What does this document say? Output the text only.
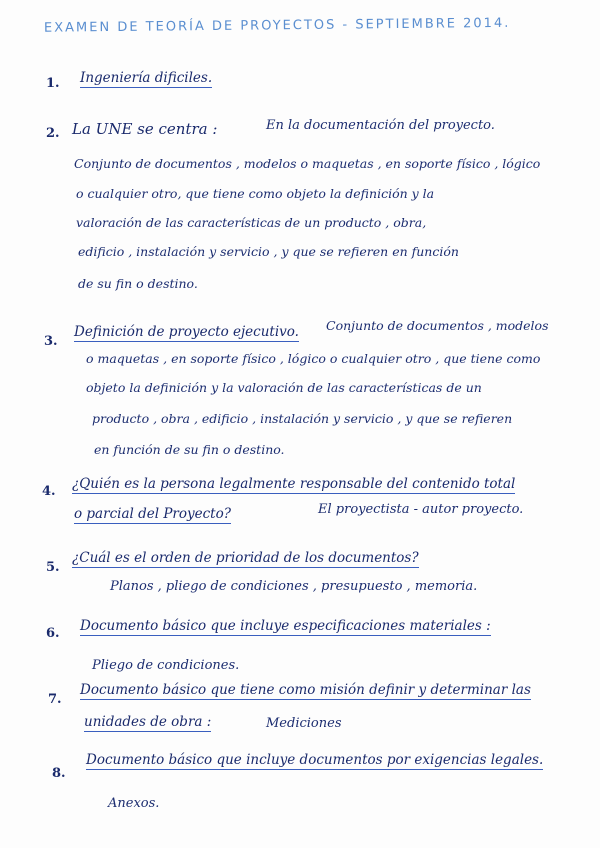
EXAMEN DE TEORÍA DE PROYECTOS - SEPTIEMBRE 2014.
1. Ingeniería dificiles.
2. La UNE se centra :	En la documentación del proyecto.
Conjunto de documentos , modelos o maquetas , en soporte físico , lógico
o cualquier otro, que tiene como objeto la definición y la
valoración de las características de un producto , obra,
edificio , instalación y servicio , y que se refieren en función
de su fin o destino.
3.
Definición de proyecto ejecutivo. Conjunto de documentos , modelos
o maquetas , en soporte físico , lógico o cualquier otro , que tiene como
objeto la definición y la valoración de las características de un
producto , obra , edificio , instalación y servicio , y que se refieren
en función de su fin o destino.
4. ¿Quién es la persona legalmente responsable del contenido total
o parcial del Proyecto?	El proyectista - autor proyecto.
5.
¿Cuál es el orden de prioridad de los documentos?
Planos , pliego de condiciones , presupuesto , memoria.
6. Documento básico que incluye especificaciones materiales :
Pliego de condiciones.
7.
Documento básico que tiene como misión definir y determinar las
unidades de obra :	Mediciones
8.
Documento básico que incluye documentos por exigencias legales.
Anexos.
